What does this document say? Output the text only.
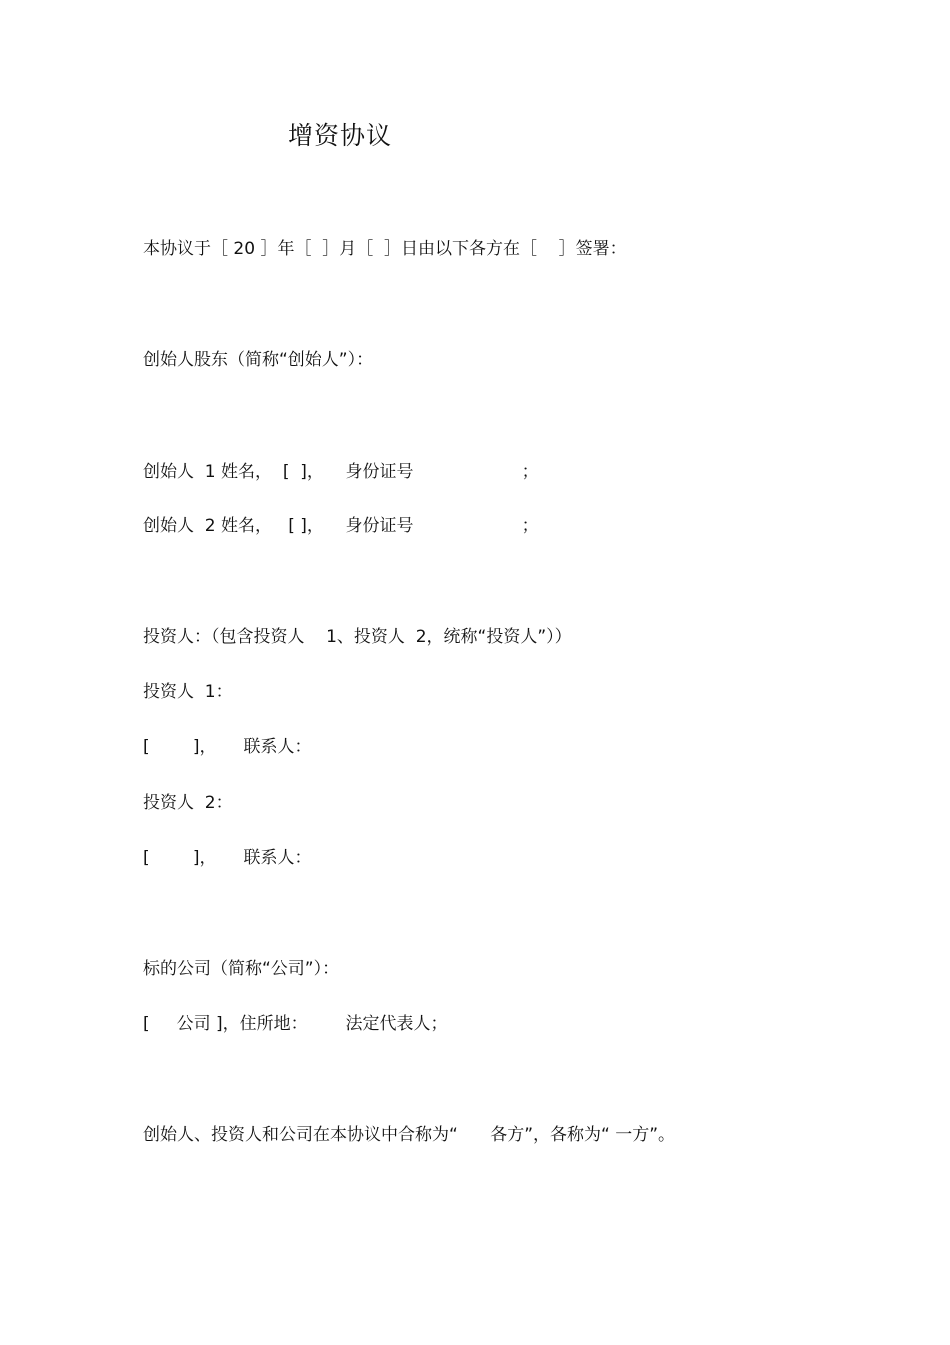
增资协议
本协议于［ 20 ］年［  ］月［  ］日由以下各方在［    ］签署：
创始人股东（简称“创始人”）：
创始人  1 姓名，  [  ]，    身份证号                    ；
创始人  2 姓名，   [ ]，    身份证号                    ；
投资人：（包含投资人    1、投资人  2，统称“投资人”））
投资人  1：
[        ]，     联系人：
投资人  2：
[        ]，     联系人：
标的公司（简称“公司”）：
[     公司 ]，住所地：       法定代表人；
创始人、投资人和公司在本协议中合称为“      各方”，各称为“ 一方”。
